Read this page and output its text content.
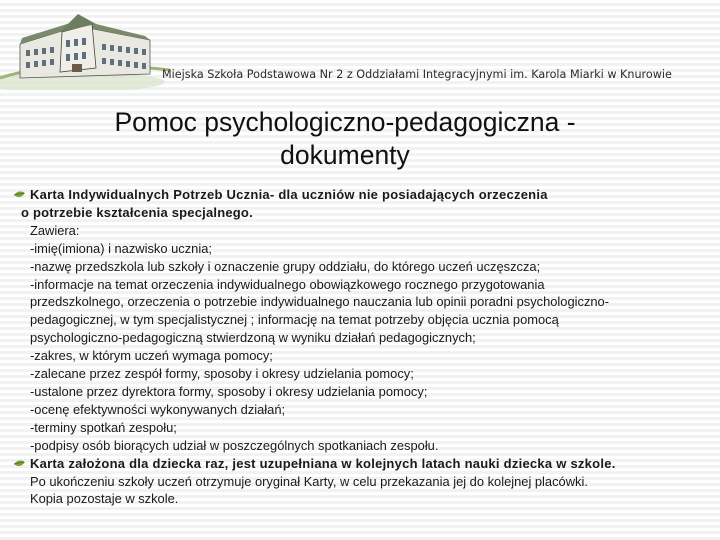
Miejska Szkoła Podstawowa Nr 2 z Oddziałami Integracyjnymi im. Karola Miarki w Knurowie
Pomoc psychologiczno-pedagogiczna -
dokumenty
Karta Indywidualnych Potrzeb Ucznia- dla uczniów nie posiadających orzeczenia
o potrzebie kształcenia specjalnego.
Zawiera:
-imię(imiona) i nazwisko ucznia;
-nazwę przedszkola lub szkoły i oznaczenie grupy oddziału, do którego uczeń uczęszcza;
-informacje na temat orzeczenia indywidualnego obowiązkowego rocznego przygotowania
przedszkolnego, orzeczenia o potrzebie indywidualnego nauczania lub opinii poradni psychologiczno-
pedagogicznej, w tym specjalistycznej ; informację na temat potrzeby objęcia ucznia pomocą
psychologiczno-pedagogiczną stwierdzoną w wyniku działań pedagogicznych;
-zakres, w którym uczeń wymaga pomocy;
-zalecane przez zespół formy, sposoby i okresy udzielania pomocy;
-ustalone przez dyrektora formy, sposoby i okresy udzielania pomocy;
-ocenę efektywności wykonywanych działań;
-terminy spotkań zespołu;
-podpisy osób biorących udział w poszczególnych spotkaniach zespołu.
Karta założona dla dziecka raz, jest uzupełniana w kolejnych latach nauki dziecka w szkole.
Po ukończeniu szkoły uczeń otrzymuje oryginał Karty, w celu przekazania jej do kolejnej placówki.
Kopia pozostaje w szkole.
